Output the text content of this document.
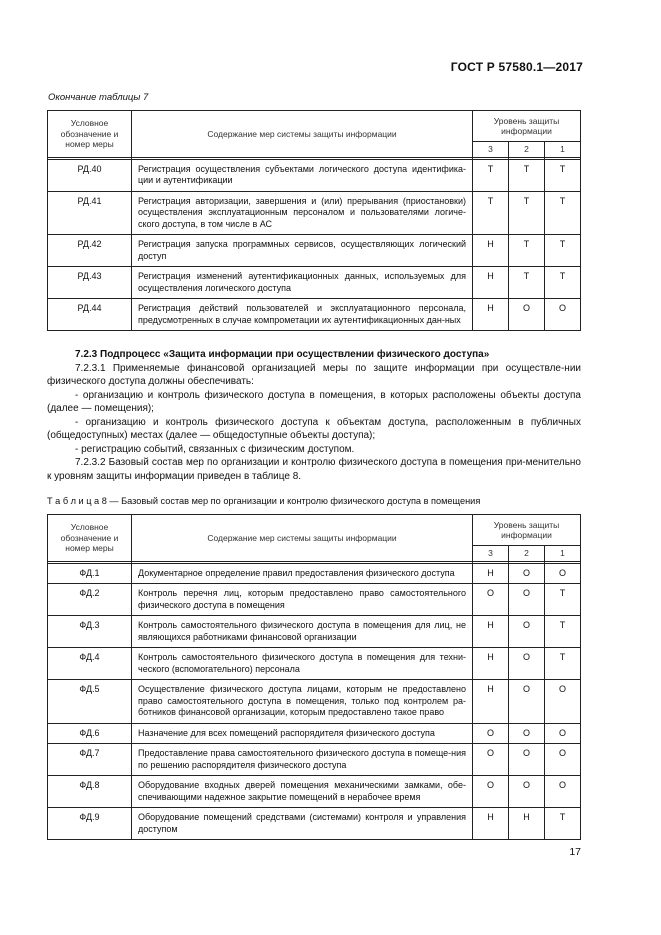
ГОСТ Р 57580.1—2017
Окончание таблицы 7
Условное обозначение и номер меры	Содержание мер системы защиты информации	Уровень защиты информации		
		3	2	1

РД.40	Регистрация осуществления субъектами логического доступа идентифика-ции и аутентификации	Т	Т	Т
РД.41	Регистрация авторизации, завершения и (или) прерывания (приостановки) осуществления эксплуатационным персоналом и пользователями логиче-ского доступа, в том числе в АС	Т	Т	Т
РД.42	Регистрация запуска программных сервисов, осуществляющих логический доступ	Н	Т	Т
РД.43	Регистрация изменений аутентификационных данных, используемых для осуществления логического доступа	Н	Т	Т
РД.44	Регистрация действий пользователей и эксплуатационного персонала, предусмотренных в случае компрометации их аутентификационных дан-ных	Н	О	О
7.2.3 Подпроцесс «Защита информации при осуществлении физического доступа»
7.2.3.1 Применяемые финансовой организацией меры по защите информации при осуществле-нии физического доступа должны обеспечивать:
- организацию и контроль физического доступа в помещения, в которых расположены объекты доступа (далее — помещения);
- организацию и контроль физического доступа к объектам доступа, расположенным в публичных (общедоступных) местах (далее — общедоступные объекты доступа);
- регистрацию событий, связанных с физическим доступом.
7.2.3.2 Базовый состав мер по организации и контролю физического доступа в помещения при-менительно к уровням защиты информации приведен в таблице 8.
Т а б л и ц а 8 — Базовый состав мер по организации и контролю физического доступа в помещения
Условное обозначение и номер меры	Содержание мер системы защиты информации	Уровень защиты информации		
		3	2	1

ФД.1	Документарное определение правил предоставления физического доступа	Н	О	О
ФД.2	Контроль перечня лиц, которым предоставлено право самостоятельного физического доступа в помещения	О	О	Т
ФД.3	Контроль самостоятельного физического доступа в помещения для лиц, не являющихся работниками финансовой организации	Н	О	Т
ФД.4	Контроль самостоятельного физического доступа в помещения для техни-ческого (вспомогательного) персонала	Н	О	Т
ФД.5	Осуществление физического доступа лицами, которым не предоставлено право самостоятельного доступа в помещения, только под контролем ра-ботников финансовой организации, которым предоставлено такое право	Н	О	О
ФД.6	Назначение для всех помещений распорядителя физического доступа	О	О	О
ФД.7	Предоставление права самостоятельного физического доступа в помеще-ния по решению распорядителя физического доступа	О	О	О
ФД.8	Оборудование входных дверей помещения механическими замками, обе-спечивающими надежное закрытие помещений в нерабочее время	О	О	О
ФД.9	Оборудование помещений средствами (системами) контроля и управления доступом	Н	Н	Т
17
